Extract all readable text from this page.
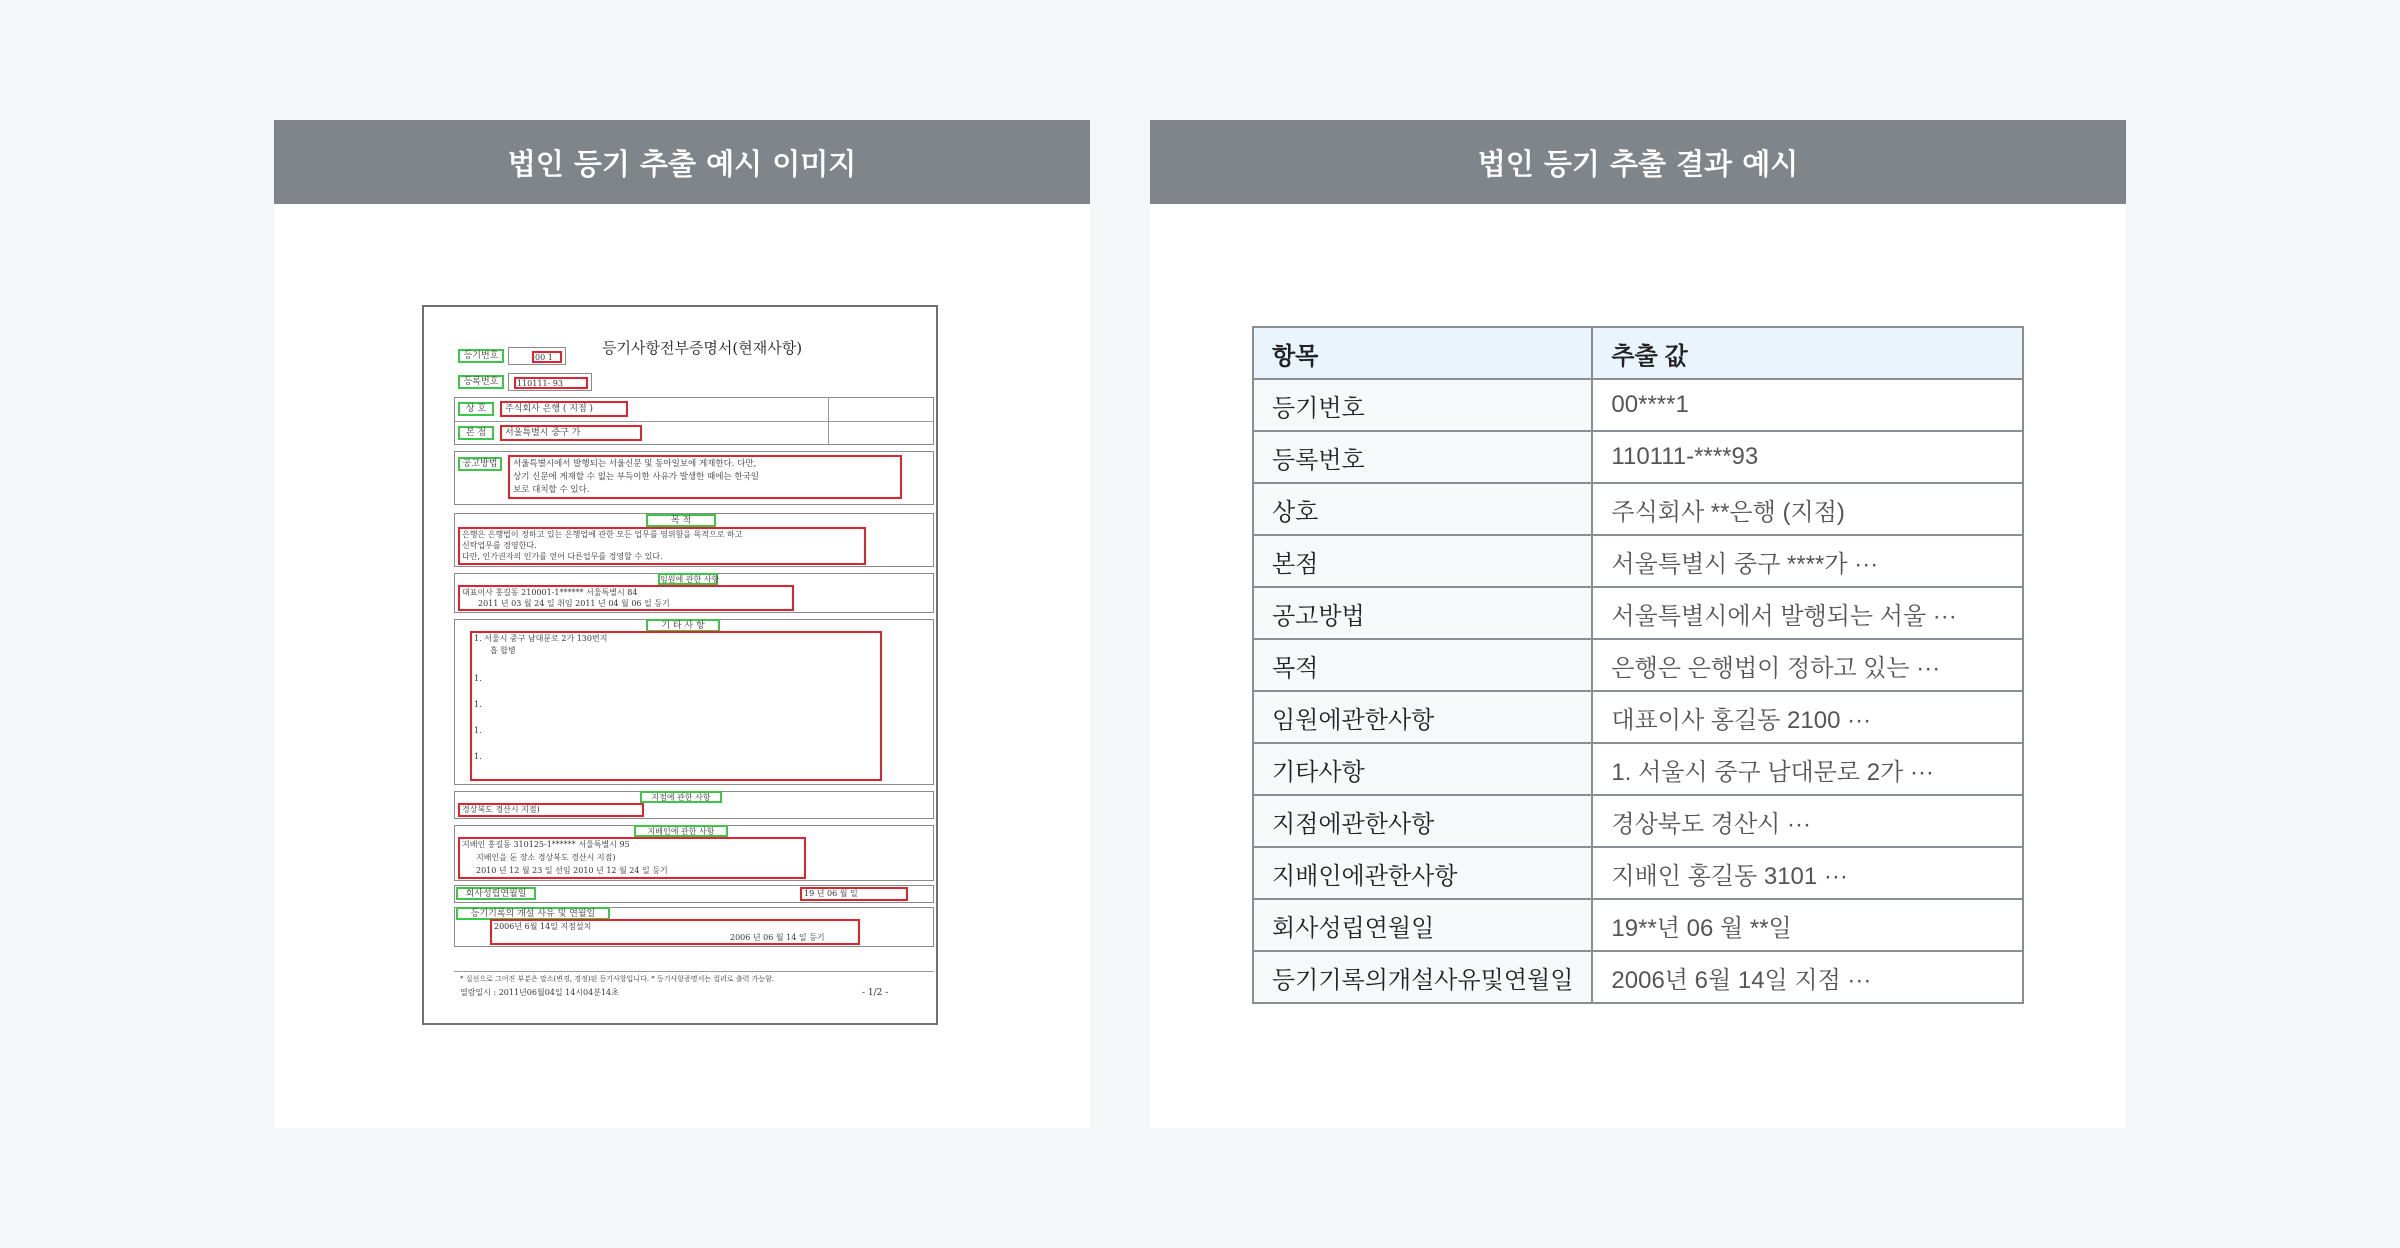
법인 등기 추출 예시 이미지
등기사항전부증명서(현재사항)
등기번호	00 1
등록번호	110111- 93
상 호	주식회사 은행 ( 지점 )
본 점	서울특별시 중구 가
공고방법	서울특별시에서 발행되는 서울신문 및 동아일보에 게재한다. 다만,
상기 신문에 게재할 수 없는 부득이한 사유가 발생한 때에는 한국일
보로 대치할 수 있다.
목 적
은행은 은행법이 정하고 있는 은행업에 관한 모든 업무를 영위함을 목적으로 하고
신탁업무를 경영한다.
다만, 인가권자의 인가를 얻어 다른업무를 경영할 수 있다.
임원에 관한 사항
대표이사 홍길동 210001-1****** 서울특별시 84
2011 년 03 월 24 일 취임 2011 년 04 월 06 일 등기
기 타 사 항
1. 서울시 중구 남대문로 2가 130번지
흡 합병
1.
1.
1.
1.
지점에 관한 사항
경상북도 경산시 지점)
지배인에 관한 사항
지배인 홍길동 310125-1****** 서울특별시 95
지배인을 둔 장소 경상북도 경산시 지점)
2010 년 12 월 23 일 선임 2010 년 12 월 24 일 등기
회사성립연월일	19 년 06 월 일
등기기록의 개설 사유 및 연월일
2006년 6월 14일 지점설치
2006 년 06 월 14 일 등기
* 실선으로 그어진 부분은 말소(변경, 경정)된 등기사항입니다. * 등기사항증명서는 컬러로 출력 가능함.
열람일시 : 2011년06월04일 14시04분14초	- 1/2 -
법인 등기 추출 결과 예시
항목	추출 값
등기번호	00****1
등록번호	110111-****93
상호	주식회사 **은행 (지점)
본점	서울특별시 중구 ****가 ···
공고방법	서울특별시에서 발행되는 서울 ···
목적	은행은 은행법이 정하고 있는 ···
임원에관한사항	대표이사 홍길동 2100 ···
기타사항	1. 서울시 중구 남대문로 2가 ···
지점에관한사항	경상북도 경산시 ···
지배인에관한사항	지배인 홍길동 3101 ···
회사성립연월일	19**년 06 월 **일
등기기록의개설사유및연월일	2006년 6월 14일 지점 ···
